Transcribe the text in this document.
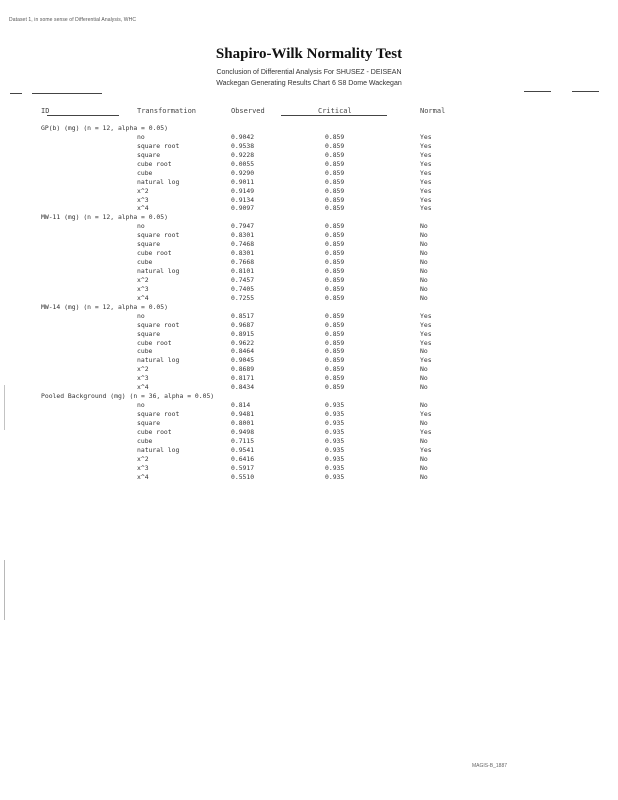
Dataset 1, in some sense of Differential Analysis, WHC
Shapiro-Wilk Normality Test
Conclusion of Differential Analysis For SHUSEZ - DEISEAN
Wackegan Generating Results Chart 6 S8 Dome Wackegan
ID	Transformation	Observed	Critical	Normal
GP(b) (mg) (n = 12, alpha = 0.05)
no	0.9042	0.859	Yes
square root	0.9538	0.859	Yes
square	0.9228	0.859	Yes
cube root	0.0055	0.859	Yes
cube	0.9290	0.859	Yes
natural log	0.9011	0.859	Yes
x^2	0.9149	0.859	Yes
x^3	0.9134	0.859	Yes
x^4	0.9097	0.859	Yes
MW-11 (mg) (n = 12, alpha = 0.05)
no	0.7947	0.859	No
square root	0.8301	0.859	No
square	0.7468	0.859	No
cube root	0.8301	0.859	No
cube	0.7668	0.859	No
natural log	0.8101	0.859	No
x^2	0.7457	0.859	No
x^3	0.7405	0.859	No
x^4	0.7255	0.859	No
MW-14 (mg) (n = 12, alpha = 0.05)
no	0.8517	0.859	Yes
square root	0.9687	0.859	Yes
square	0.8915	0.859	Yes
cube root	0.9622	0.859	Yes
cube	0.8464	0.859	No
natural log	0.9045	0.859	Yes
x^2	0.8689	0.859	No
x^3	0.8171	0.859	No
x^4	0.8434	0.859	No
Pooled Background (mg) (n = 36, alpha = 0.05)
no	0.814	0.935	No
square root	0.9481	0.935	Yes
square	0.8001	0.935	No
cube root	0.9498	0.935	Yes
cube	0.7115	0.935	No
natural log	0.9541	0.935	Yes
x^2	0.6416	0.935	No
x^3	0.5917	0.935	No
x^4	0.5510	0.935	No
MAGIS-B_1887
